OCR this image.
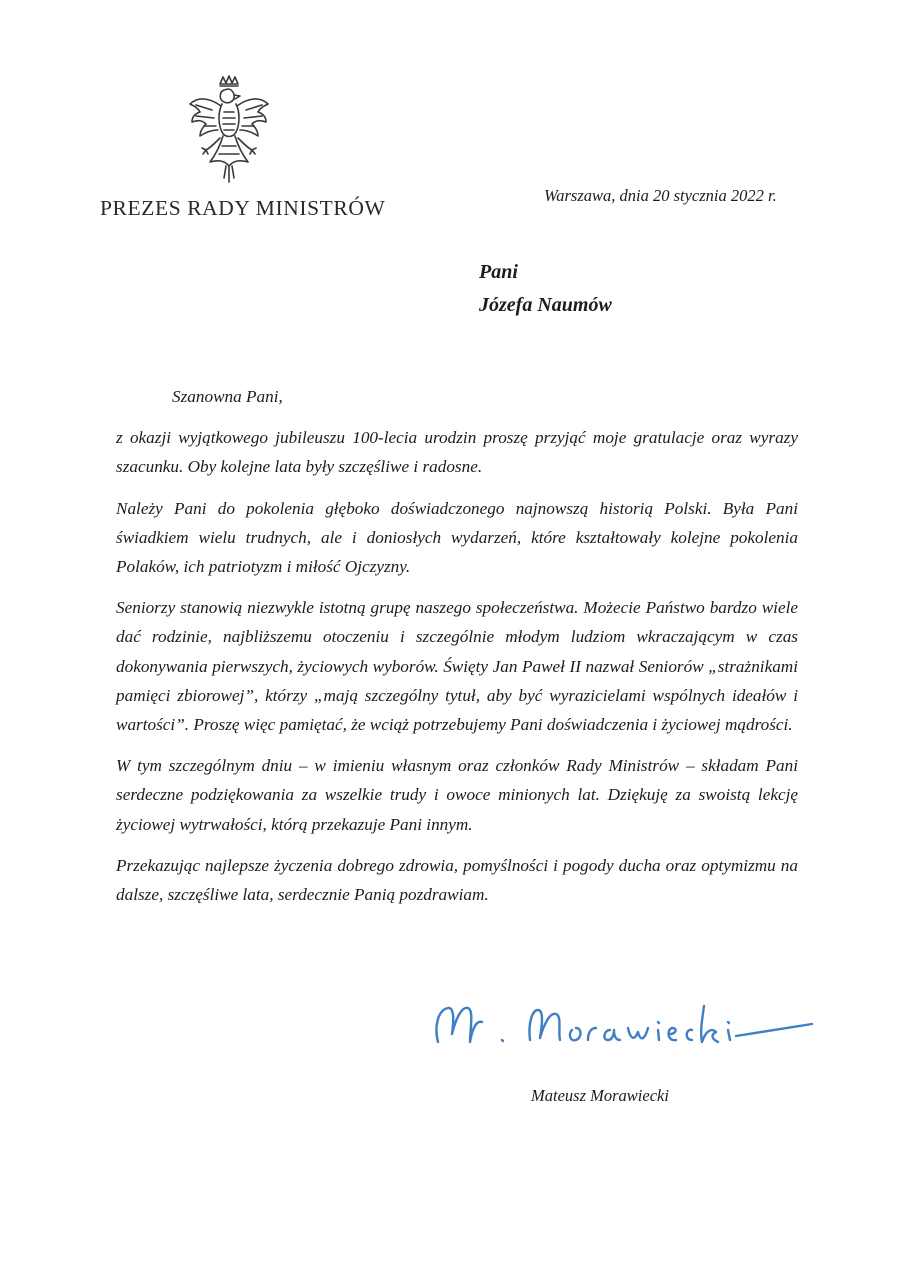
PREZES RADY MINISTRÓW
Warszawa, dnia 20 stycznia 2022 r.
Pani
Józefa Naumów

Szanowna Pani,

z okazji wyjątkowego jubileuszu 100-lecia urodzin proszę przyjąć moje gratulacje oraz wyrazy szacunku. Oby kolejne lata były szczęśliwe i radosne.

Należy Pani do pokolenia głęboko doświadczonego najnowszą historią Polski. Była Pani świadkiem wielu trudnych, ale i doniosłych wydarzeń, które kształtowały kolejne pokolenia Polaków, ich patriotyzm i miłość Ojczyzny.

Seniorzy stanowią niezwykle istotną grupę naszego społeczeństwa. Możecie Państwo bardzo wiele dać rodzinie, najbliższemu otoczeniu i szczególnie młodym ludziom wkraczającym w czas dokonywania pierwszych, życiowych wyborów. Święty Jan Paweł II nazwał Seniorów „strażnikami pamięci zbiorowej”, którzy „mają szczególny tytuł, aby być wyrazicielami wspólnych ideałów i wartości”. Proszę więc pamiętać, że wciąż potrzebujemy Pani doświadczenia i życiowej mądrości.

W tym szczególnym dniu – w imieniu własnym oraz członków Rady Ministrów – składam Pani serdeczne podziękowania za wszelkie trudy i owoce minionych lat. Dziękuję za swoistą lekcję życiowej wytrwałości, którą przekazuje Pani innym.

Przekazując najlepsze życzenia dobrego zdrowia, pomyślności i pogody ducha oraz optymizmu na dalsze, szczęśliwe lata, serdecznie Panią pozdrawiam.

Mateusz Morawiecki
